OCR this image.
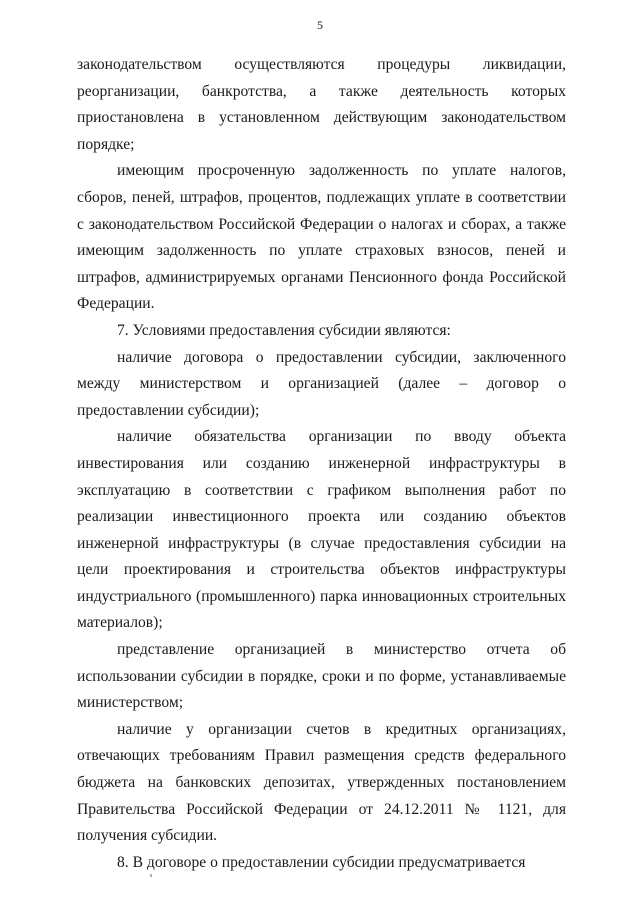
5

законодательством осуществляются процедуры ликвидации, реорганизации, банкротства, а также деятельность которых приостановлена в установленном действующим законодательством порядке;

имеющим просроченную задолженность по уплате налогов, сборов, пеней, штрафов, процентов, подлежащих уплате в соответствии с законодательством Российской Федерации о налогах и сборах, а также имеющим задолженность по уплате страховых взносов, пеней и штрафов, администрируемых органами Пенсионного фонда Российской Федерации.

7. Условиями предоставления субсидии являются:

наличие договора о предоставлении субсидии, заключенного между министерством и организацией (далее – договор о предоставлении субсидии);

наличие обязательства организации по вводу объекта инвестирования или созданию инженерной инфраструктуры в эксплуатацию в соответствии с графиком выполнения работ по реализации инвестиционного проекта или созданию объектов инженерной инфраструктуры (в случае предоставления субсидии на цели проектирования и строительства объектов инфраструктуры индустриального (промышленного) парка инновационных строительных материалов);

представление организацией в министерство отчета об использовании субсидии в порядке, сроки и по форме, устанавливаемые министерством;

наличие у организации счетов в кредитных организациях, отвечающих требованиям Правил размещения средств федерального бюджета на банковских депозитах, утвержденных постановлением Правительства Российской Федерации от 24.12.2011 № 1121, для получения субсидии.

8. В договоре о предоставлении субсидии предусматривается
